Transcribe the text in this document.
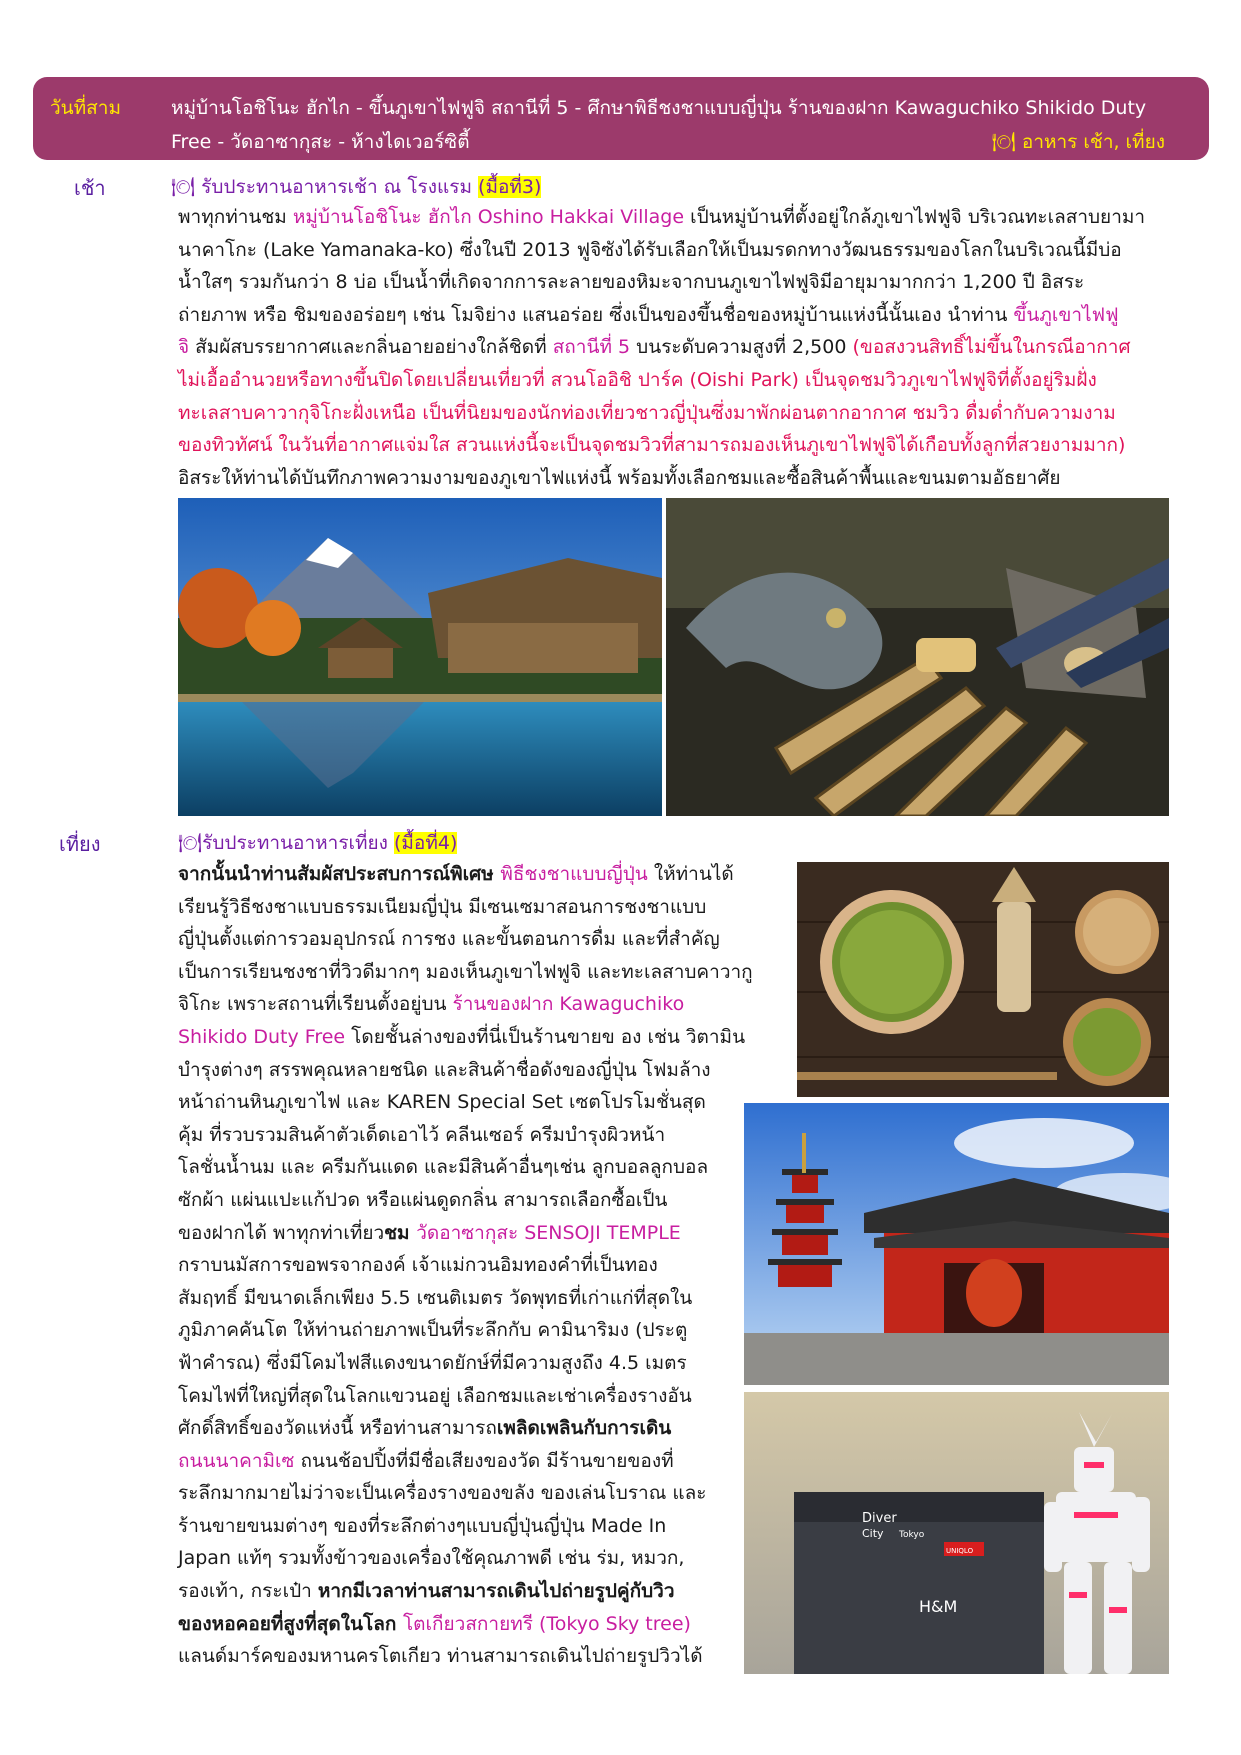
วันที่สาม	หมู่บ้านโอชิโนะ ฮักไก - ขึ้นภูเขาไฟฟูจิ สถานีที่ 5 - ศึกษาพิธีชงชาแบบญี่ปุ่น ร้านของฝาก Kawaguchiko Shikido Duty
Free - วัดอาซากุสะ - ห้างไดเวอร์ซิตี้	🍽 อาหาร เช้า, เที่ยง
เช้า	🍽 รับประทานอาหารเช้า ณ โรงแรม (มื้อที่3)
พาทุกท่านชม หมู่บ้านโอชิโนะ ฮักไก Oshino Hakkai Village เป็นหมู่บ้านที่ตั้งอยู่ใกล้ภูเขาไฟฟูจิ บริเวณทะเลสาบยามา
นาคาโกะ (Lake Yamanaka-ko) ซึ่งในปี 2013 ฟูจิซังได้รับเลือกให้เป็นมรดกทางวัฒนธรรมของโลกในบริเวณนี้มีบ่อ
น้ำใสๆ รวมกันกว่า 8 บ่อ เป็นน้ำที่เกิดจากการละลายของหิมะจากบนภูเขาไฟฟูจิมีอายุมามากกว่า 1,200 ปี อิสระ
ถ่ายภาพ หรือ ชิมของอร่อยๆ เช่น โมจิย่าง แสนอร่อย ซึ่งเป็นของขึ้นชื่อของหมู่บ้านแห่งนี้นั้นเอง นำท่าน ขึ้นภูเขาไฟฟู
จิ สัมผัสบรรยากาศและกลิ่นอายอย่างใกล้ชิดที่ สถานีที่ 5 บนระดับความสูงที่ 2,500 (ขอสงวนสิทธิ์ไม่ขึ้นในกรณีอากาศ
ไม่เอื้ออำนวยหรือทางขึ้นปิดโดยเปลี่ยนเที่ยวที่ สวนโออิชิ ปาร์ค (Oishi Park) เป็นจุดชมวิวภูเขาไฟฟูจิที่ตั้งอยู่ริมฝั่ง
ทะเลสาบคาวากุจิโกะฝั่งเหนือ เป็นที่นิยมของนักท่องเที่ยวชาวญี่ปุ่นซึ่งมาพักผ่อนตากอากาศ ชมวิว ดื่มด่ำกับความงาม
ของทิวทัศน์ ในวันที่อากาศแจ่มใส สวนแห่งนี้จะเป็นจุดชมวิวที่สามารถมองเห็นภูเขาไฟฟูจิได้เกือบทั้งลูกที่สวยงามมาก)
อิสระให้ท่านได้บันทึกภาพความงามของภูเขาไฟแห่งนี้ พร้อมทั้งเลือกชมและซื้อสินค้าพื้นและขนมตามอัธยาศัย
เที่ยง	🍽รับประทานอาหารเที่ยง (มื้อที่4)
จากนั้นนำท่านสัมผัสประสบการณ์พิเศษ พิธีชงชาแบบญี่ปุ่น ให้ท่านได้
เรียนรู้วิธีชงชาแบบธรรมเนียมญี่ปุ่น มีเซนเซมาสอนการชงชาแบบ
ญี่ปุ่นตั้งแต่การวอมอุปกรณ์ การชง และขั้นตอนการดื่ม และที่สำคัญ
เป็นการเรียนชงชาที่วิวดีมากๆ มองเห็นภูเขาไฟฟูจิ และทะเลสาบคาวากู
จิโกะ เพราะสถานที่เรียนตั้งอยู่บน ร้านของฝาก Kawaguchiko
Shikido Duty Free โดยชั้นล่างของที่นี่เป็นร้านขายข อง เช่น วิตามิน
บำรุงต่างๆ สรรพคุณหลายชนิด และสินค้าชื่อดังของญี่ปุ่น โฟมล้าง
หน้าถ่านหินภูเขาไฟ และ KAREN Special Set เซตโปรโมชั่นสุด
คุ้ม ที่รวบรวมสินค้าตัวเด็ดเอาไว้ คลีนเซอร์ ครีมบำรุงผิวหน้า
โลชั่นน้ำนม และ ครีมกันแดด และมีสินค้าอื่นๆเช่น ลูกบอลลูกบอล
ซักผ้า แผ่นแปะแก้ปวด หรือแผ่นดูดกลิ่น สามารถเลือกซื้อเป็น
ของฝากได้ พาทุกท่าเที่ยวชม วัดอาซากุสะ SENSOJI TEMPLE
กราบนมัสการขอพรจากองค์ เจ้าแม่กวนอิมทองคำที่เป็นทอง
สัมฤทธิ์ มีขนาดเล็กเพียง 5.5 เซนติเมตร วัดพุทธที่เก่าแก่ที่สุดใน
ภูมิภาคคันโต ให้ท่านถ่ายภาพเป็นที่ระลึกกับ คามินาริมง (ประตู
ฟ้าคำรณ) ซึ่งมีโคมไฟสีแดงขนาดยักษ์ที่มีความสูงถึง 4.5 เมตร
โคมไฟที่ใหญ่ที่สุดในโลกแขวนอยู่ เลือกชมและเช่าเครื่องรางอัน
ศักดิ์สิทธิ์ของวัดแห่งนี้ หรือท่านสามารถเพลิดเพลินกับการเดิน
ถนนนาคามิเซ ถนนช้อปปิ้งที่มีชื่อเสียงของวัด มีร้านขายของที่
ระลึกมากมายไม่ว่าจะเป็นเครื่องรางของขลัง ของเล่นโบราณ และ
ร้านขายขนมต่างๆ ของที่ระลึกต่างๆแบบญี่ปุ่นญี่ปุ่น Made In
Japan แท้ๆ รวมทั้งข้าวของเครื่องใช้คุณภาพดี เช่น ร่ม, หมวก,
รองเท้า, กระเป๋า หากมีเวลาท่านสามารถเดินไปถ่ายรูปคู่กับวิว
ของหอคอยที่สูงที่สุดในโลก โตเกียวสกายทรี (Tokyo Sky tree)
แลนด์มาร์คของมหานครโตเกียว ท่านสามารถเดินไปถ่ายรูปวิวได้
Diver
City Tokyo
UNIQLO
H&M
